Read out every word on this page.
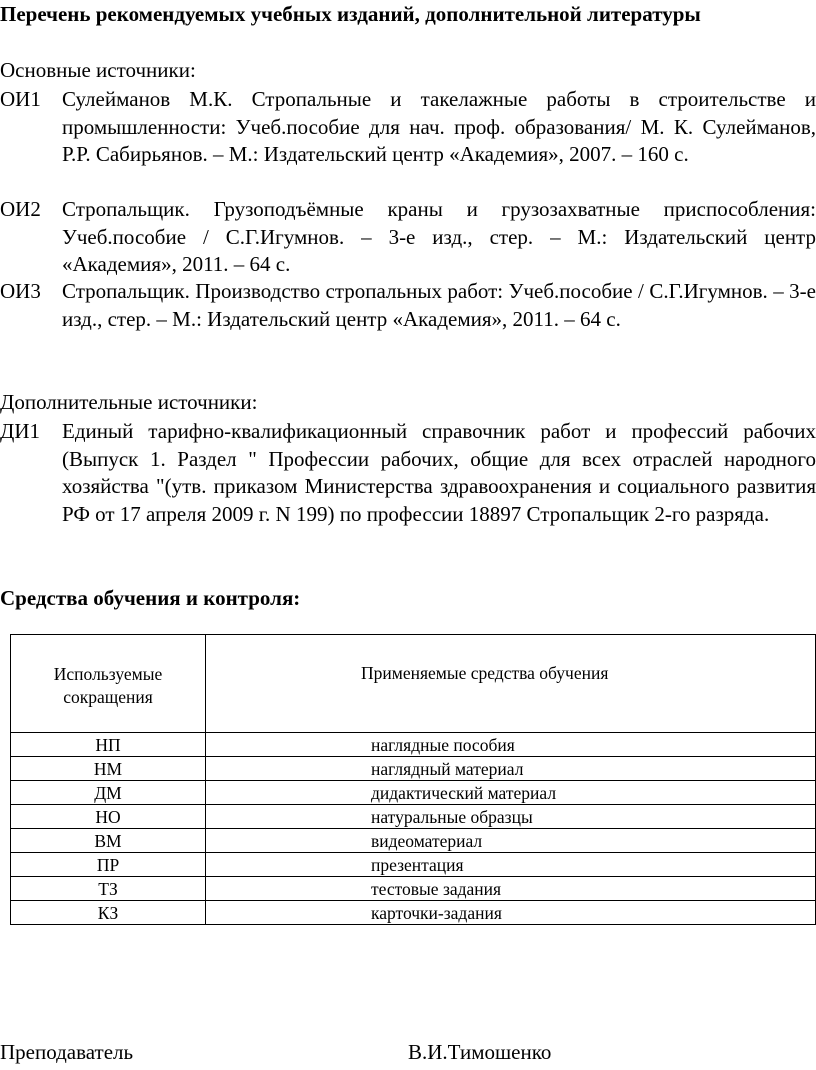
Перечень рекомендуемых учебных изданий, дополнительной литературы
Основные источники:
ОИ1 Сулейманов М.К. Стропальные и такелажные работы в строительстве и промышленности: Учеб.пособие для нач. проф. образования/ М. К. Сулейманов, Р.Р. Сабирьянов. – М.: Издательский центр «Академия», 2007. – 160 с.
ОИ2 Стропальщик. Грузоподъёмные краны и грузозахватные приспособления: Учеб.пособие / С.Г.Игумнов. – 3-е изд., стер. – М.: Издательский центр «Академия», 2011. – 64 с.
ОИ3 Стропальщик. Производство стропальных работ: Учеб.пособие / С.Г.Игумнов. – 3-е изд., стер. – М.: Издательский центр «Академия», 2011. – 64 с.
Дополнительные источники:
ДИ1 Единый тарифно-квалификационный справочник работ и профессий рабочих (Выпуск 1. Раздел " Профессии рабочих, общие для всех отраслей народного хозяйства "(утв. приказом Министерства здравоохранения и социального развития РФ от 17 апреля 2009 г. N 199) по профессии 18897 Стропальщик 2-го разряда.
Средства обучения и контроля:
Используемые
сокращения	Применяемые средства обучения
НП	наглядные пособия
НМ	наглядный материал
ДМ	дидактический материал
НО	натуральные образцы
ВМ	видеоматериал
ПР	презентация
ТЗ	тестовые задания
КЗ	карточки-задания
Преподаватель	В.И.Тимошенко
